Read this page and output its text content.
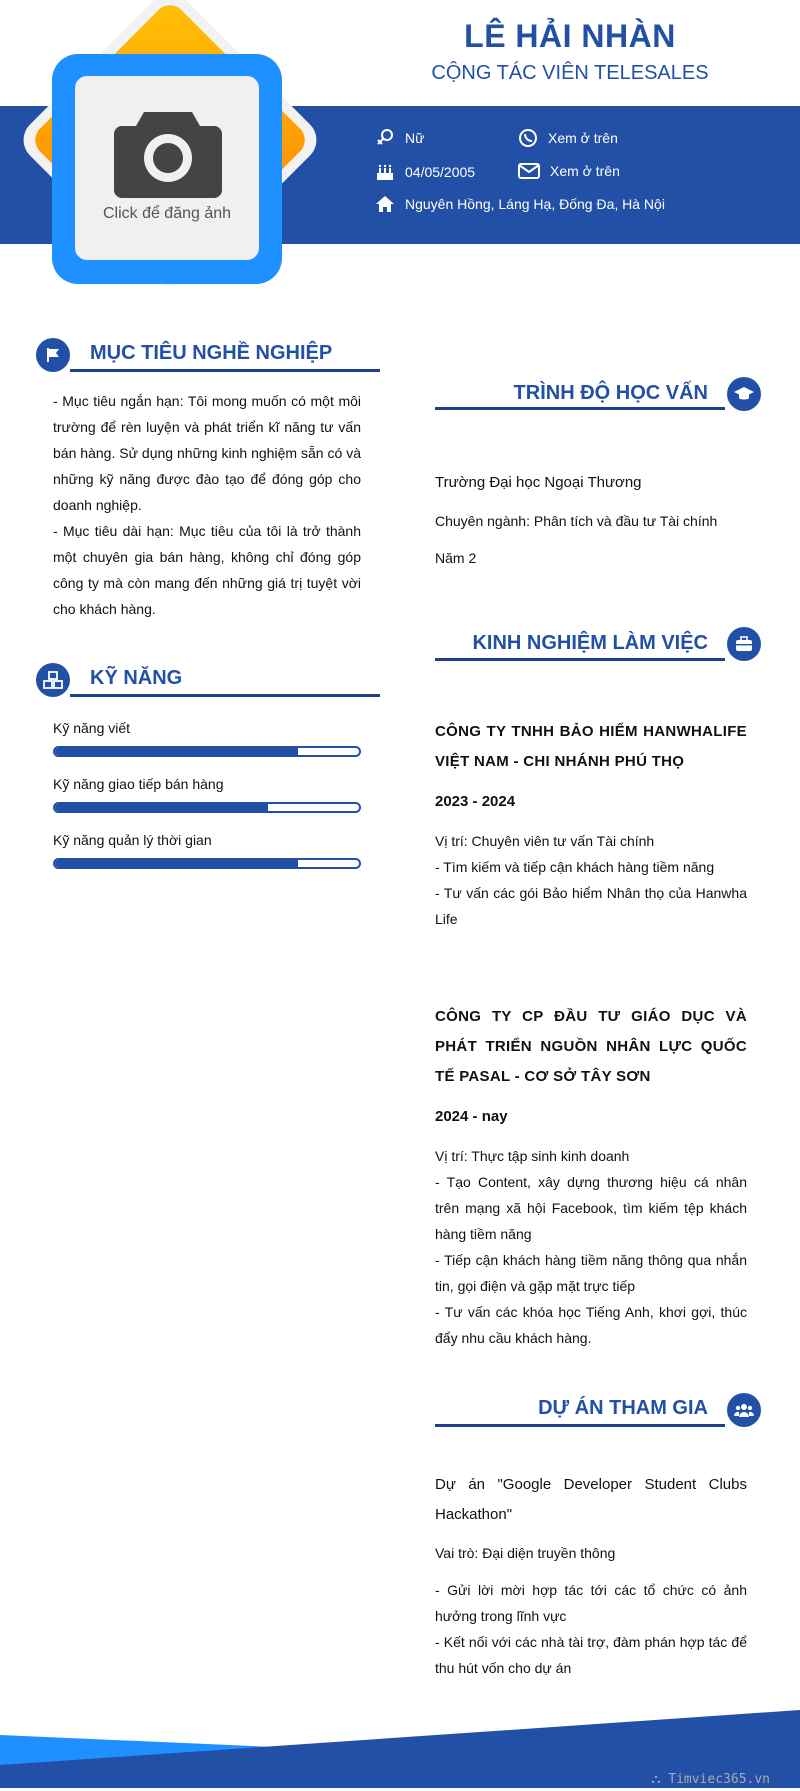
LÊ HẢI NHÀN
CỘNG TÁC VIÊN TELESALES
Nữ	Xem ở trên
04/05/2005	Xem ở trên
Nguyên Hồng, Láng Hạ, Đống Đa, Hà Nội
Click để đăng ảnh
MỤC TIÊU NGHỀ NGHIỆP
- Mục tiêu ngắn hạn: Tôi mong muốn có một môi trường để rèn luyện và phát triển kĩ năng tư vấn bán hàng. Sử dụng những kinh nghiệm sẵn có và những kỹ năng được đào tạo để đóng góp cho doanh nghiệp.
- Mục tiêu dài hạn: Mục tiêu của tôi là trở thành một chuyên gia bán hàng, không chỉ đóng góp công ty mà còn mang đến những giá trị tuyệt vời cho khách hàng.
KỸ NĂNG
Kỹ năng viết
Kỹ năng giao tiếp bán hàng
Kỹ năng quản lý thời gian
TRÌNH ĐỘ HỌC VẤN
Trường Đại học Ngoại Thương
Chuyên ngành: Phân tích và đầu tư Tài chính
Năm 2
KINH NGHIỆM LÀM VIỆC
CÔNG TY TNHH BẢO HIỂM HANWHALIFE VIỆT NAM - CHI NHÁNH PHÚ THỌ
2023 - 2024
Vị trí: Chuyên viên tư vấn Tài chính
- Tìm kiếm và tiếp cận khách hàng tiềm năng
- Tư vấn các gói Bảo hiểm Nhân thọ của Hanwha Life
CÔNG TY CP ĐẦU TƯ GIÁO DỤC VÀ PHÁT TRIỂN NGUỒN NHÂN LỰC QUỐC TẾ PASAL - CƠ SỞ TÂY SƠN
2024 - nay
Vị trí: Thực tập sinh kinh doanh
- Tạo Content, xây dựng thương hiệu cá nhân trên mạng xã hội Facebook, tìm kiếm tệp khách hàng tiềm năng
- Tiếp cận khách hàng tiềm năng thông qua nhắn tin, gọi điện và gặp mặt trực tiếp
- Tư vấn các khóa học Tiếng Anh, khơi gợi, thúc đẩy nhu cầu khách hàng.
DỰ ÁN THAM GIA
Dự án "Google Developer Student Clubs Hackathon"
Vai trò: Đại diện truyền thông
- Gửi lời mời hợp tác tới các tổ chức có ảnh hưởng trong lĩnh vực
- Kết nối với các nhà tài trợ, đàm phán hợp tác để thu hút vốn cho dự án
⛬ Timviec365.vn
